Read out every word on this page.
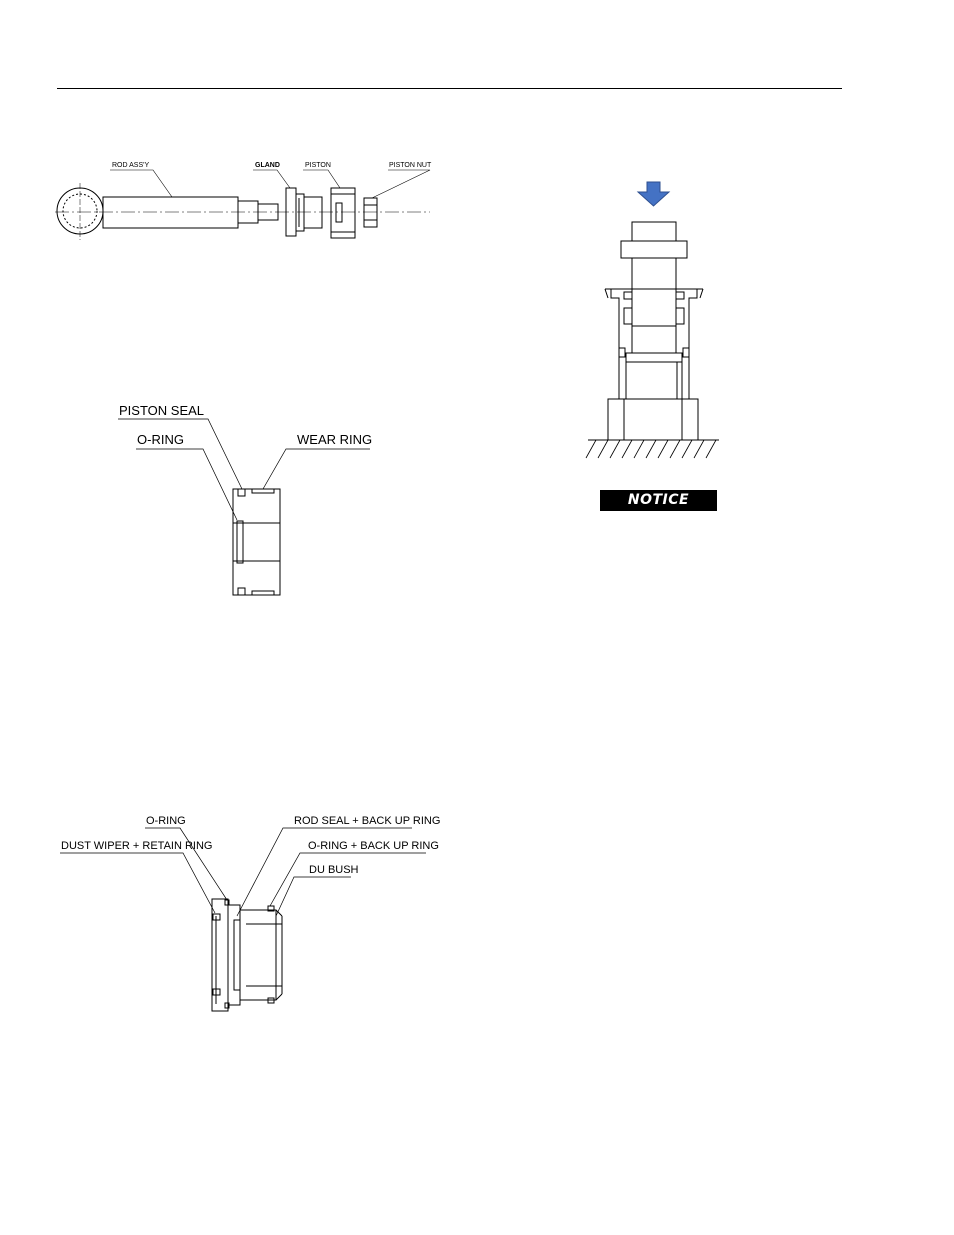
ROD ASS'Y	GLAND	PISTON	PISTON NUT
PISTON SEAL
O-RING	WEAR RING
O-RING	ROD SEAL + BACK UP RING
DUST WIPER + RETAIN RING	O-RING + BACK UP RING
DU BUSH
NOTICE
